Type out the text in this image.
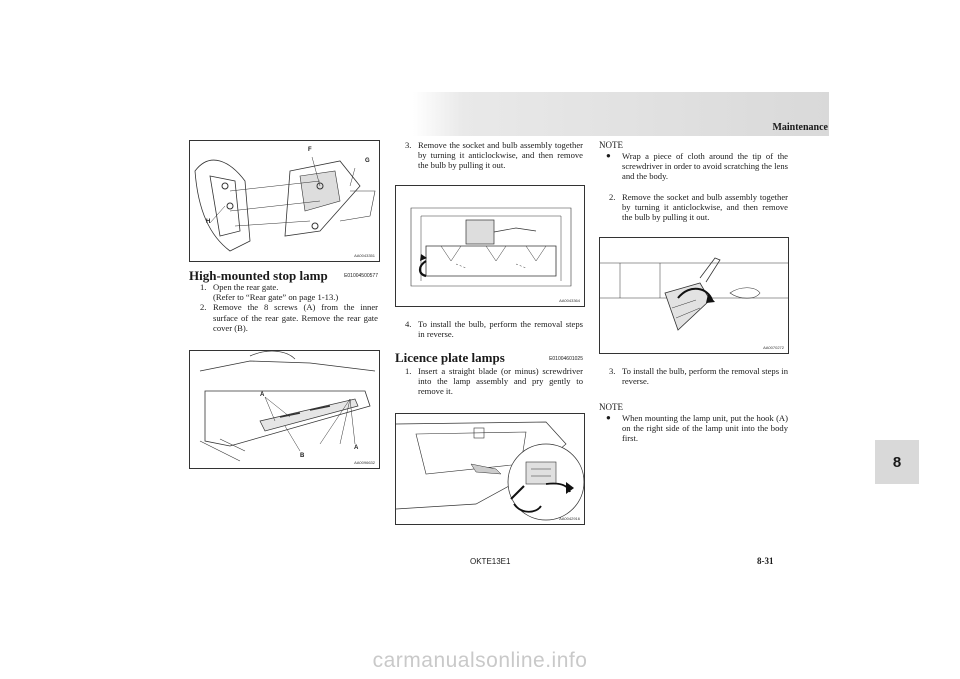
Maintenance
8
F
G
H
AA0043351
High-mounted stop lamp	E01004500577
1. Open the rear gate.
(Refer to “Rear gate” on page 1-13.)
2. Remove the 8 screws (A) from the inner surface of the rear gate. Remove the rear gate cover (B).
A
A
B
AA0096632
3. Remove the socket and bulb assembly together by turning it anticlockwise, and then remove the bulb by pulling it out.
AA0043364
4. To install the bulb, perform the removal steps in reverse.
Licence plate lamps	E01004601025
1. Insert a straight blade (or minus) screwdriver into the lamp assembly and pry gently to remove it.
AA0042916
NOTE
●	Wrap a piece of cloth around the tip of the screwdriver in order to avoid scratching the lens and the body.
2. Remove the socket and bulb assembly together by turning it anticlockwise, and then remove the bulb by pulling it out.
AA0070272
3. To install the bulb, perform the removal steps in reverse.
NOTE
●	When mounting the lamp unit, put the hook (A) on the right side of the lamp unit into the body first.
OKTE13E1	8-31
carmanualsonline.info
